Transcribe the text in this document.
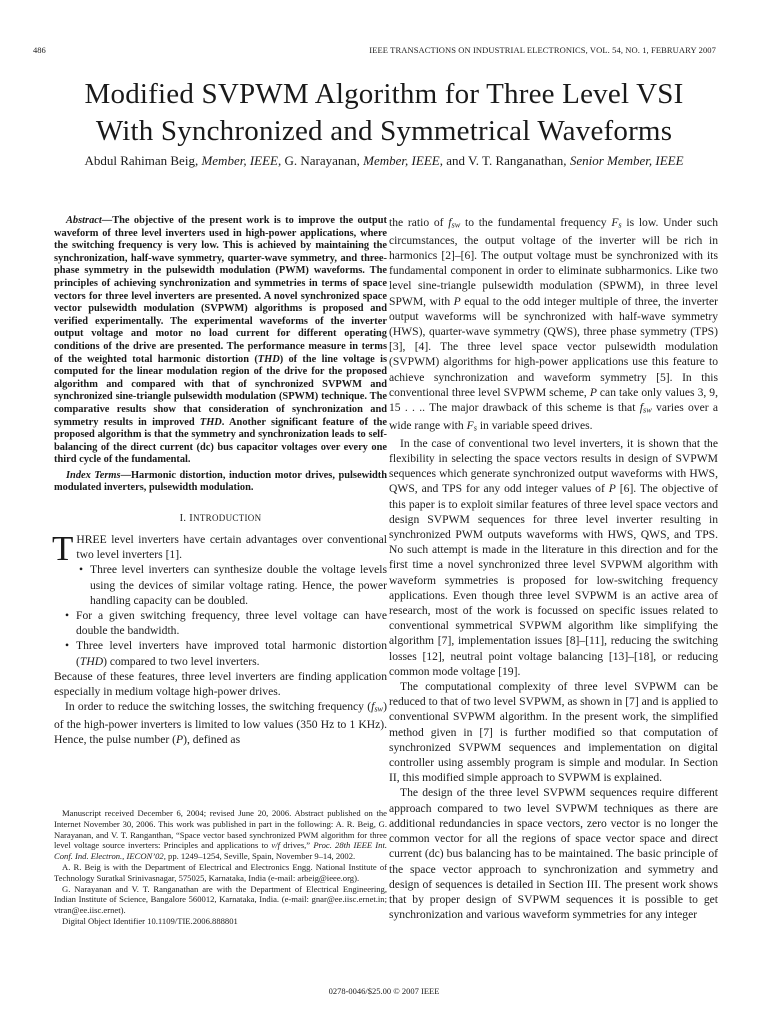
486	IEEE TRANSACTIONS ON INDUSTRIAL ELECTRONICS, VOL. 54, NO. 1, FEBRUARY 2007
Modified SVPWM Algorithm for Three Level VSI
With Synchronized and Symmetrical Waveforms
Abdul Rahiman Beig, Member, IEEE, G. Narayanan, Member, IEEE, and V. T. Ranganathan, Senior Member, IEEE

Abstract—The objective of the present work is to improve the output waveform of three level inverters used in high-power applications, where the switching frequency is very low. This is achieved by maintaining the synchronization, half-wave symmetry, quarter-wave symmetry, and three-phase symmetry in the pulsewidth modulation (PWM) waveforms. The principles of achieving synchronization and symmetries in terms of space vectors for three level inverters are presented. A novel synchronized space vector pulsewidth modulation (SVPWM) algorithms is proposed and verified experimentally. The experimental waveforms of the inverter output voltage and motor no load current for different operating conditions of the drive are presented. The performance measure in terms of the weighted total harmonic distortion (THD) of the line voltage is computed for the linear modulation region of the drive for the proposed algorithm and compared with that of synchronized SVPWM and synchronized sine-triangle pulsewidth modulation (SPWM) technique. The comparative results show that consideration of synchronization and symmetry results in improved THD. Another significant feature of the proposed algorithm is that the symmetry and synchronization leads to self-balancing of the direct current (dc) bus capacitor voltages over every one third cycle of the fundamental.

Index Terms—Harmonic distortion, induction motor drives, pulsewidth modulated inverters, pulsewidth modulation.

I. INTRODUCTION
T HREE level inverters have certain advantages over conventional two level inverters [1].

• Three level inverters can synthesize double the voltage levels using the devices of similar voltage rating. Hence, the power handling capacity can be doubled.
• For a given switching frequency, three level voltage can have double the bandwidth.
• Three level inverters have improved total harmonic distortion (THD) compared to two level inverters.

Because of these features, three level inverters are finding application especially in medium voltage high-power drives.

In order to reduce the switching losses, the switching frequency $(f_{sw})$ of the high-power inverters is limited to low values (350 Hz to 1 KHz). Hence, the pulse number (P), defined as

Manuscript received December 6, 2004; revised June 20, 2006. Abstract published on the Internet November 30, 2006. This work was published in part in the following: A. R. Beig, G. Narayanan, and V. T. Ranganthan, “Space vector based synchronized PWM algorithm for three level voltage source inverters: Principles and applications to v/f drives,” Proc. 28th IEEE Int. Conf. Ind. Electron., IECON’02, pp. 1249–1254, Seville, Spain, November 9–14, 2002.

A. R. Beig is with the Department of Electrical and Electronics Engg. National Institute of Technology Suratkal Srinivasnagar, 575025, Karnataka, India (e-mail: arbeig@ieee.org).

G. Narayanan and V. T. Ranganathan are with the Department of Electrical Engineering, Indian Institute of Science, Bangalore 560012, Karnataka, India. (e-mail: gnar@ee.iisc.ernet.in; vtran@ee.iisc.ernet).

Digital Object Identifier 10.1109/TIE.2006.888801

the ratio of $f_{sw}$ to the fundamental frequency $F_s$ is low. Under such circumstances, the output voltage of the inverter will be rich in harmonics [2]–[6]. The output voltage must be synchronized with its fundamental component in order to eliminate subharmonics. Like two level sine-triangle pulsewidth modulation (SPWM), in three level SPWM, with P equal to the odd integer multiple of three, the inverter output waveforms will be synchronized with half-wave symmetry (HWS), quarter-wave symmetry (QWS), three phase symmetry (TPS) [3], [4]. The three level space vector pulsewidth modulation (SVPWM) algorithms for high-power applications use this feature to achieve synchronization and waveform symmetry [5]. In this conventional three level SVPWM scheme, P can take only values 3, 9, 15 . . .. The major drawback of this scheme is that $f_{sw}$ varies over a wide range with $F_s$ in variable speed drives.

In the case of conventional two level inverters, it is shown that the flexibility in selecting the space vectors results in design of SVPWM sequences which generate synchronized output waveforms with HWS, QWS, and TPS for any odd integer values of P [6]. The objective of this paper is to exploit similar features of three level space vectors and design SVPWM sequences for three level inverter resulting in synchronized PWM outputs waveforms with HWS, QWS, and TPS. No such attempt is made in the literature in this direction and for the first time a novel synchronized three level SVPWM algorithm with waveform symmetries is proposed for low-switching frequency applications. Even though three level SVPWM is an active area of research, most of the work is focussed on specific issues related to conventional symmetrical SVPWM algorithm like simplifying the algorithm [7], implementation issues [8]–[11], reducing the switching losses [12], neutral point voltage balancing [13]–[18], or reducing common mode voltage [19].

The computational complexity of three level SVPWM can be reduced to that of two level SVPWM, as shown in [7] and is applied to conventional SVPWM algorithm. In the present work, the simplified method given in [7] is further modified so that computation of synchronized SVPWM sequences and implementation on digital controller using assembly program is simple and modular. In Section II, this modified simple approach to SVPWM is explained.

The design of the three level SVPWM sequences require different approach compared to two level SVPWM techniques as there are additional redundancies in space vectors, zero vector is no longer the common vector for all the regions of space vector space and direct current (dc) bus balancing has to be maintained. The basic principle of the space vector approach to synchronization and symmetry and design of sequences is detailed in Section III. The present work shows that by proper design of SVPWM sequences it is possible to get synchronization and various waveform symmetries for any integer

0278-0046/$25.00 © 2007 IEEE
